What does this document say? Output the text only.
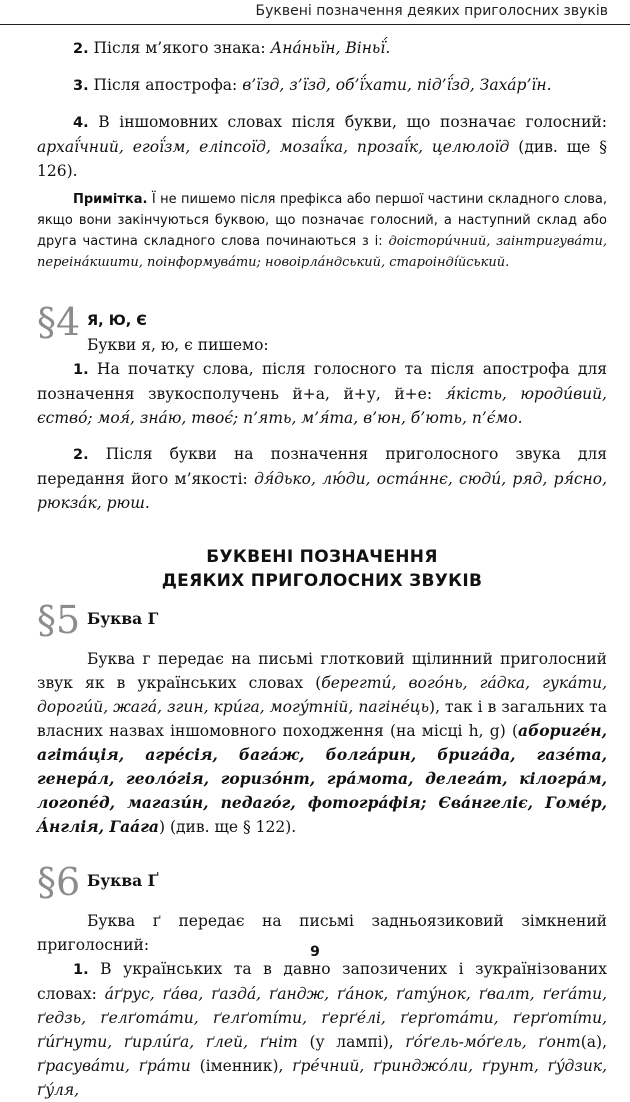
Буквені позначення деяких приголосних звуків

2. Після м’якого знака: Анáньїн, Віньї́.

3. Після апострофа: в’їзд, з’їзд, об’ї́хати, під’ї́зд, Захáр’їн.

4. В іншомовних словах після букви, що позначає голосний: архаї́чний, егої́зм, еліпсоїд, мозаї́ка, прозаї́к, целюлоїд (див. ще § 126).

Примітка. Ї не пишемо після префікса або першої частини складного слова, якщо вони закінчуються буквою, що позначає голосний, а наступний склад або друга частина складного слова починаються з і: доісторúчний, заінтригувáти, переінáкшити, поінформувáти; новоірлáндський, староіндíйський.

§4 Я, Ю, Є

Букви я, ю, є пишемо:

1. На початку слова, після голосного та після апострофа для позначення звукосполучень й+а, й+у, й+е: я́кість, юродúвий, єствó; моя́, знáю, твоє́; п’ять, м’я́та, в’юн, б’ють, п’є́мо.

2. Після букви на позначення приголосного звука для передання його м’якості: дя́дько, лю́ди, остáннє, сюдú, ряд, ря́сно, рюкзáк, рюш.

БУКВЕНІ ПОЗНАЧЕННЯ
ДЕЯКИХ ПРИГОЛОСНИХ ЗВУКІВ
§5 Буква Г

Буква г передає на письмі глотковий щілинний приголосний звук як в українських словах (берегтú, вогóнь, гáдка, гукáти, дорогúй, жагá, згин, крúга, могýтній, пагінéць), так і в загальних та власних назвах іншомовного походження (на місці h, g) (аборигéн, агітáція, агрéсія, багáж, болгáрин, бригáда, газéта, генерáл, геолóгія, горизóнт, грáмота, делегáт, кілогрáм, логопéд, магазúн, педагóг, фотогрáфія; Євáнгеліє, Гомéр, Áнглія, Гаáга) (див. ще § 122).

§6 Буква Ґ

Буква ґ передає на письмі задньоязиковий зімкнений приголосний:

1. В українських та в давно запозичених і зукраїнізованих словах: áґрус, ґáва, ґаздá, ґандж, ґáнок, ґатýнок, ґвалт, ґеґáти, ґедзь, ґелґотáти, ґелґотíти, ґерґéлі, ґерґотáти, ґерґотíти, ґúґнути, ґирлúґа, ґлей, ґніт (у лампі), ґóґель-мóґель, ґонт(а), ґрасувáти, ґрáти (іменник), ґрéчний, ґринджóли, ґрунт, ґýдзик, ґýля,

9
